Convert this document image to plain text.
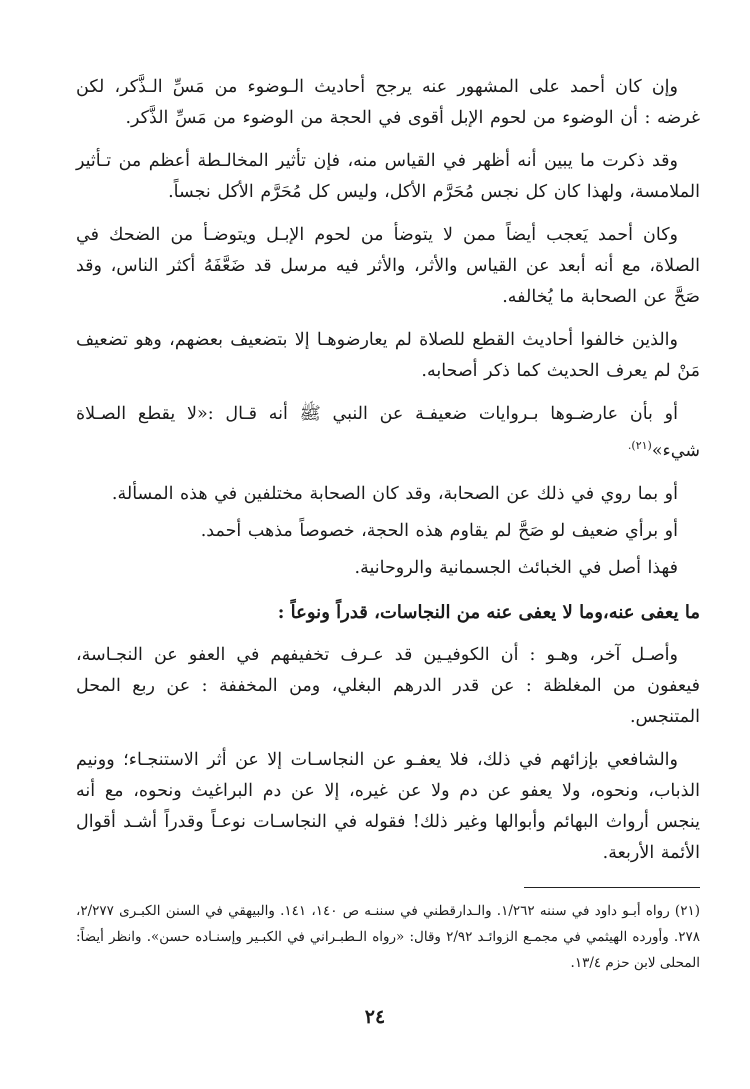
وإن كان أحمد على المشهور عنه يرجح أحاديث الـوضوء من مَسِّ الـذَّكر، لكن غرضه : أن الوضوء من لحوم الإبل أقوى في الحجة من الوضوء من مَسِّ الذَّكر.

وقد ذكرت ما يبين أنه أظهر في القياس منه، فإن تأثير المخالـطة أعظم من تـأثير الملامسة، ولهذا كان كل نجس مُحَرَّم الأكل، وليس كل مُحَرَّم الأكل نجساً.

وكان أحمد يَعجب أيضاً ممن لا يتوضأ من لحوم الإبـل ويتوضـأ من الضحك في الصلاة، مع أنه أبعد عن القياس والأثر، والأثر فيه مرسل قد ضَعَّفَهُ أكثر الناس، وقد صَحَّ عن الصحابة ما يُخالفه.

والذين خالفوا أحاديث القطع للصلاة لم يعارضوهـا إلا بتضعيف بعضهم، وهو تضعيف مَنْ لم يعرف الحديث كما ذكر أصحابه.

أو بأن عارضـوها بـروايات ضعيفـة عن النبي ﷺ أنه قـال :«لا يقطع الصـلاة شيء»$^{(٢١).}$

أو بما روي في ذلك عن الصحابة، وقد كان الصحابة مختلفين في هذه المسألة.

أو برأي ضعيف لو صَحَّ لم يقاوم هذه الحجة، خصوصاً مذهب أحمد.

فهذا أصل في الخبائث الجسمانية والروحانية.

ما يعفى عنه،وما لا يعفى عنه من النجاسات، قدراً ونوعاً :

وأصـل آخر، وهـو : أن الكوفيـين قد عـرف تخفيفهم في العفو عن النجـاسة، فيعفون من المغلظة : عن قدر الدرهم البغلي، ومن المخففة : عن ربع المحل المتنجس.

والشافعي بإزائهم في ذلك، فلا يعفـو عن النجاسـات إلا عن أثر الاستنجـاء؛ وونيم الذباب، ونحوه، ولا يعفو عن دم ولا عن غيره، إلا عن دم البراغيث ونحوه، مع أنه ينجس أرواث البهائم وأبوالها وغير ذلك! فقوله في النجاسـات نوعـاً وقدراً أشـد أقوال الأئمة الأربعة.

(٢١) رواه أبـو داود في سننه ١/٢٦٢. والـدارقطني في سننـه ص ١٤٠، ١٤١. والبيهقي في السنن الكبـرى ٢/٢٧٧، ٢٧٨. وأورده الهيثمي في مجمـع الزوائـد ٢/٩٢ وقال: «رواه الـطبـراني في الكبـير وإسنـاده حسن». وانظر أيضاً: المحلى لابن حزم ١٣/٤.

٢٤
